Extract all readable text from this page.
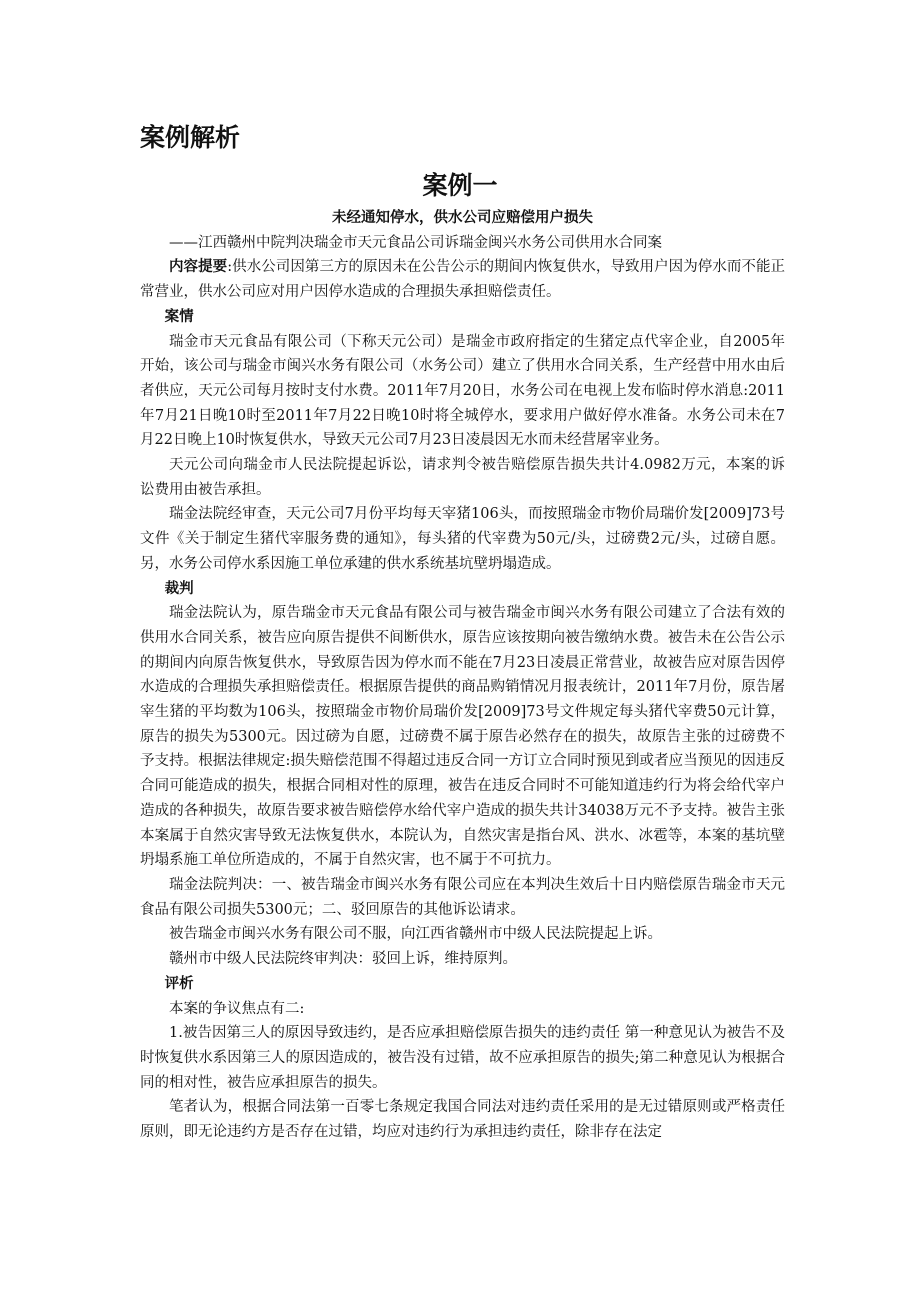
案例解析
案例一

未经通知停水，供水公司应赔偿用户损失

——江西赣州中院判决瑞金市天元食品公司诉瑞金闽兴水务公司供用水合同案

内容提要:供水公司因第三方的原因未在公告公示的期间内恢复供水，导致用户因为停水而不能正常营业，供水公司应对用户因停水造成的合理损失承担赔偿责任。

案情

瑞金市天元食品有限公司（下称天元公司）是瑞金市政府指定的生猪定点代宰企业，自2005年开始，该公司与瑞金市闽兴水务有限公司（水务公司）建立了供用水合同关系，生产经营中用水由后者供应，天元公司每月按时支付水费。2011年7月20日，水务公司在电视上发布临时停水消息:2011年7月21日晚10时至2011年7月22日晚10时将全城停水，要求用户做好停水准备。水务公司未在7月22日晚上10时恢复供水，导致天元公司7月23日凌晨因无水而未经营屠宰业务。

天元公司向瑞金市人民法院提起诉讼，请求判令被告赔偿原告损失共计4.0982万元，本案的诉讼费用由被告承担。

瑞金法院经审查，天元公司7月份平均每天宰猪106头，而按照瑞金市物价局瑞价发[2009]73号文件《关于制定生猪代宰服务费的通知》，每头猪的代宰费为50元/头，过磅费2元/头，过磅自愿。另，水务公司停水系因施工单位承建的供水系统基坑壁坍塌造成。

裁判

瑞金法院认为，原告瑞金市天元食品有限公司与被告瑞金市闽兴水务有限公司建立了合法有效的供用水合同关系，被告应向原告提供不间断供水，原告应该按期向被告缴纳水费。被告未在公告公示的期间内向原告恢复供水，导致原告因为停水而不能在7月23日凌晨正常营业，故被告应对原告因停水造成的合理损失承担赔偿责任。根据原告提供的商品购销情况月报表统计，2011年7月份，原告屠宰生猪的平均数为106头，按照瑞金市物价局瑞价发[2009]73号文件规定每头猪代宰费50元计算，原告的损失为5300元。因过磅为自愿，过磅费不属于原告必然存在的损失，故原告主张的过磅费不予支持。根据法律规定:损失赔偿范围不得超过违反合同一方订立合同时预见到或者应当预见的因违反合同可能造成的损失，根据合同相对性的原理，被告在违反合同时不可能知道违约行为将会给代宰户造成的各种损失，故原告要求被告赔偿停水给代宰户造成的损失共计34038万元不予支持。被告主张本案属于自然灾害导致无法恢复供水，本院认为，自然灾害是指台风、洪水、冰雹等，本案的基坑壁坍塌系施工单位所造成的，不属于自然灾害，也不属于不可抗力。

瑞金法院判决：一、被告瑞金市闽兴水务有限公司应在本判决生效后十日内赔偿原告瑞金市天元食品有限公司损失5300元；二、驳回原告的其他诉讼请求。

被告瑞金市闽兴水务有限公司不服，向江西省赣州市中级人民法院提起上诉。

赣州市中级人民法院终审判决：驳回上诉，维持原判。

评析

本案的争议焦点有二:

1.被告因第三人的原因导致违约，是否应承担赔偿原告损失的违约责任 第一种意见认为被告不及时恢复供水系因第三人的原因造成的，被告没有过错，故不应承担原告的损失;第二种意见认为根据合同的相对性，被告应承担原告的损失。

笔者认为，根据合同法第一百零七条规定我国合同法对违约责任采用的是无过错原则或严格责任原则，即无论违约方是否存在过错，均应对违约行为承担违约责任，除非存在法定
